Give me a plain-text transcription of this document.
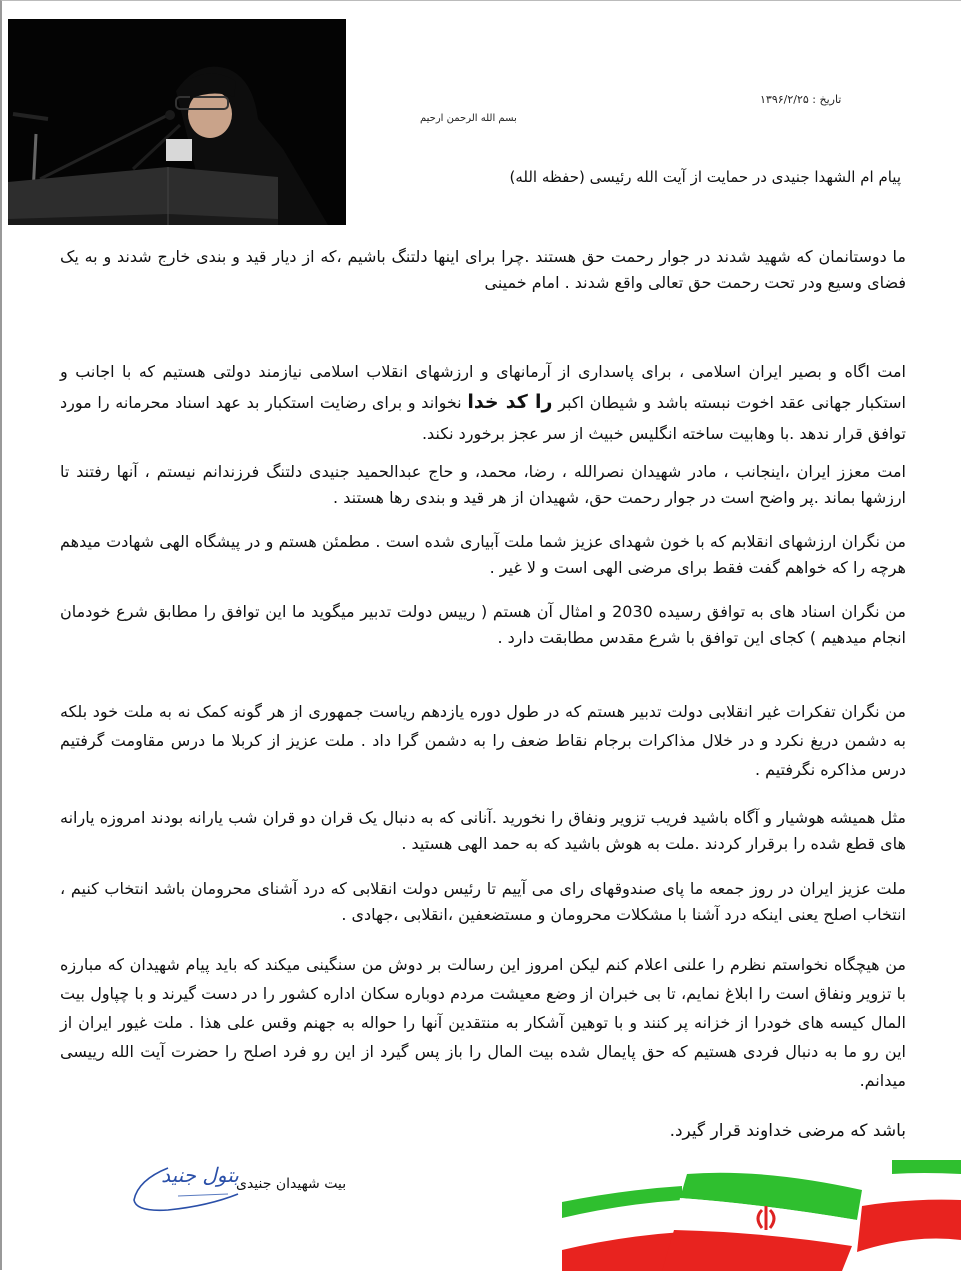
تاریخ : ۱۳۹۶/۲/۲۵
بسم الله الرحمن ارحیم
پیام ام الشهدا جنیدی در حمایت از آیت الله رئیسی (حفظه الله)

ما دوستانمان که شهید شدند در جوار رحمت حق هستند .چرا برای اینها دلتنگ باشیم ،که از دیار قید و بندی خارج شدند و به یک فضای وسیع ودر تحت رحمت حق تعالی واقع شدند . امام خمینی

امت اگاه و بصیر ایران اسلامی ، برای پاسداری از آرمانهای و ارزشهای انقلاب اسلامی نیازمند دولتی هستیم که با اجانب و استکبار جهانی عقد اخوت نبسته باشد و شیطان اکبر را کد خدا نخواند و برای رضایت استکبار بد عهد اسناد محرمانه را مورد توافق قرار ندهد .با وهابیت ساخته انگلیس خبیث از سر عجز برخورد نکند.

امت معزز ایران ،اینجانب ، مادر شهیدان نصرالله ، رضا، محمد، و حاج عبدالحمید جنیدی دلتنگ فرزندانم نیستم ، آنها رفتند تا ارزشها بماند .پر واضح است در جوار رحمت حق، شهیدان از هر قید و بندی رها هستند .

من نگران ارزشهای انقلابم که با خون شهدای عزیز شما ملت آبیاری شده است . مطمئن هستم و در پیشگاه الهی شهادت میدهم هرچه را که خواهم گفت فقط برای مرضی الهی است و لا غیر .

من نگران اسناد های به توافق رسیده 2030 و امثال آن هستم ( رییس دولت تدبیر میگوید ما این توافق را مطابق شرع خودمان انجام میدهیم ) کجای این توافق با شرع مقدس مطابقت دارد .

من نگران تفکرات غیر انقلابی دولت تدبیر هستم که در طول دوره یازدهم ریاست جمهوری از هر گونه کمک نه به ملت خود بلکه به دشمن دریغ نکرد و در خلال مذاکرات برجام نقاط ضعف را به دشمن گرا داد . ملت عزیز از کربلا ما درس مقاومت گرفتیم درس مذاکره نگرفتیم .

مثل همیشه هوشیار و آگاه باشید فریب تزویر ونفاق را نخورید .آنانی که به دنبال یک قران دو قران شب یارانه بودند امروزه یارانه های قطع شده را برقرار کردند .ملت به هوش باشید که به حمد الهی هستید .

ملت عزیز ایران در روز جمعه ما پای صندوقهای رای می آییم تا رئیس دولت انقلابی که درد آشنای محرومان باشد انتخاب کنیم ، انتخاب اصلح یعنی اینکه درد آشنا با مشکلات محرومان و مستضعفین ،انقلابی ،جهادی .

من هیچگاه نخواستم نظرم را علنی اعلام کنم لیکن امروز این رسالت بر دوش من سنگینی میکند که باید پیام شهیدان که مبارزه با تزویر ونفاق است را ابلاغ نمایم، تا بی خبران از وضع معیشت مردم دوباره سکان اداره کشور را در دست گیرند و با چپاول بیت المال کیسه های خودرا از خزانه پر کنند و با توهین آشکار به منتقدین آنها را حواله به جهنم وقس علی هذا . ملت غیور ایران از این رو ما به دنبال فردی هستیم که حق پایمال شده بیت المال را باز پس گیرد از این رو فرد اصلح را حضرت آیت الله رییسی میدانم.

باشد که مرضی خداوند قرار گیرد.

بیت شهیدان جنیدی
بتول جنید
